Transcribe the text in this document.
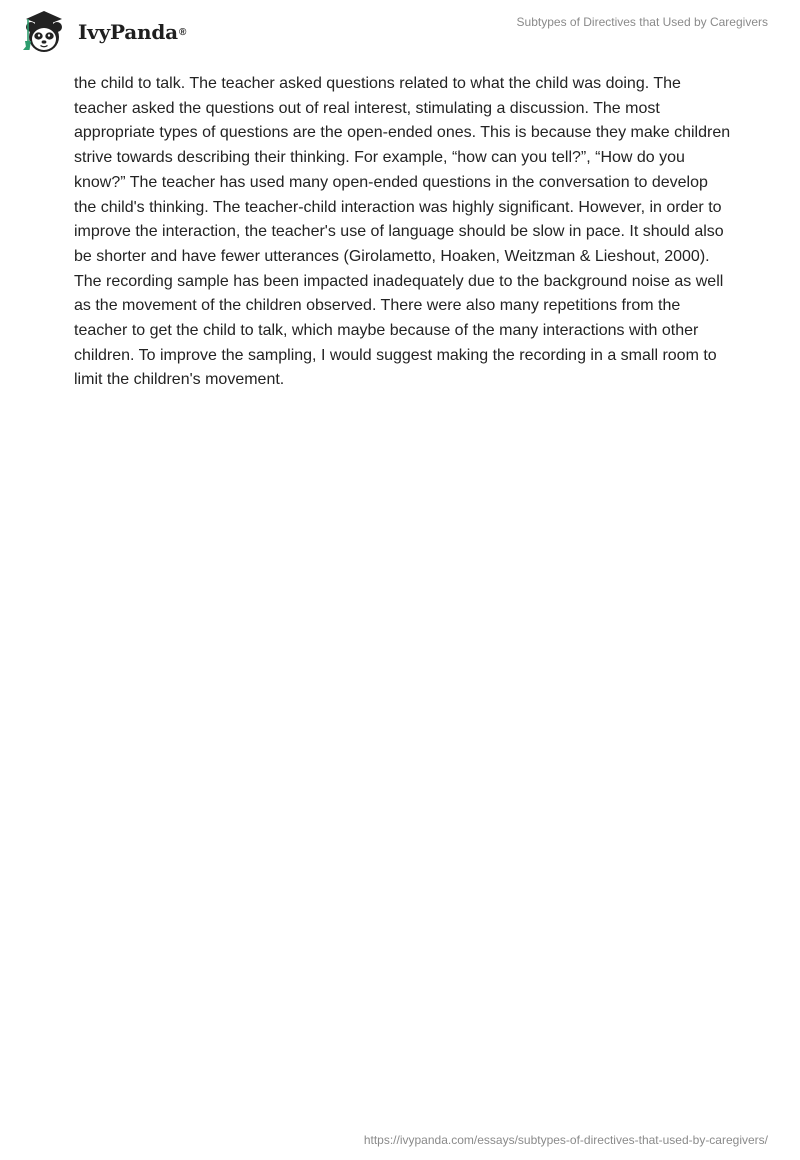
IvyPanda ®
Subtypes of Directives that Used by Caregivers

the child to talk. The teacher asked questions related to what the child was doing. The teacher asked the questions out of real interest, stimulating a discussion. The most appropriate types of questions are the open-ended ones. This is because they make children strive towards describing their thinking. For example, “how can you tell?”, “How do you know?” The teacher has used many open-ended questions in the conversation to develop the child's thinking. The teacher-child interaction was highly significant. However, in order to improve the interaction, the teacher's use of language should be slow in pace. It should also be shorter and have fewer utterances (Girolametto, Hoaken, Weitzman & Lieshout, 2000). The recording sample has been impacted inadequately due to the background noise as well as the movement of the children observed. There were also many repetitions from the teacher to get the child to talk, which maybe because of the many interactions with other children. To improve the sampling, I would suggest making the recording in a small room to limit the children's movement.

https://ivypanda.com/essays/subtypes-of-directives-that-used-by-caregivers/
